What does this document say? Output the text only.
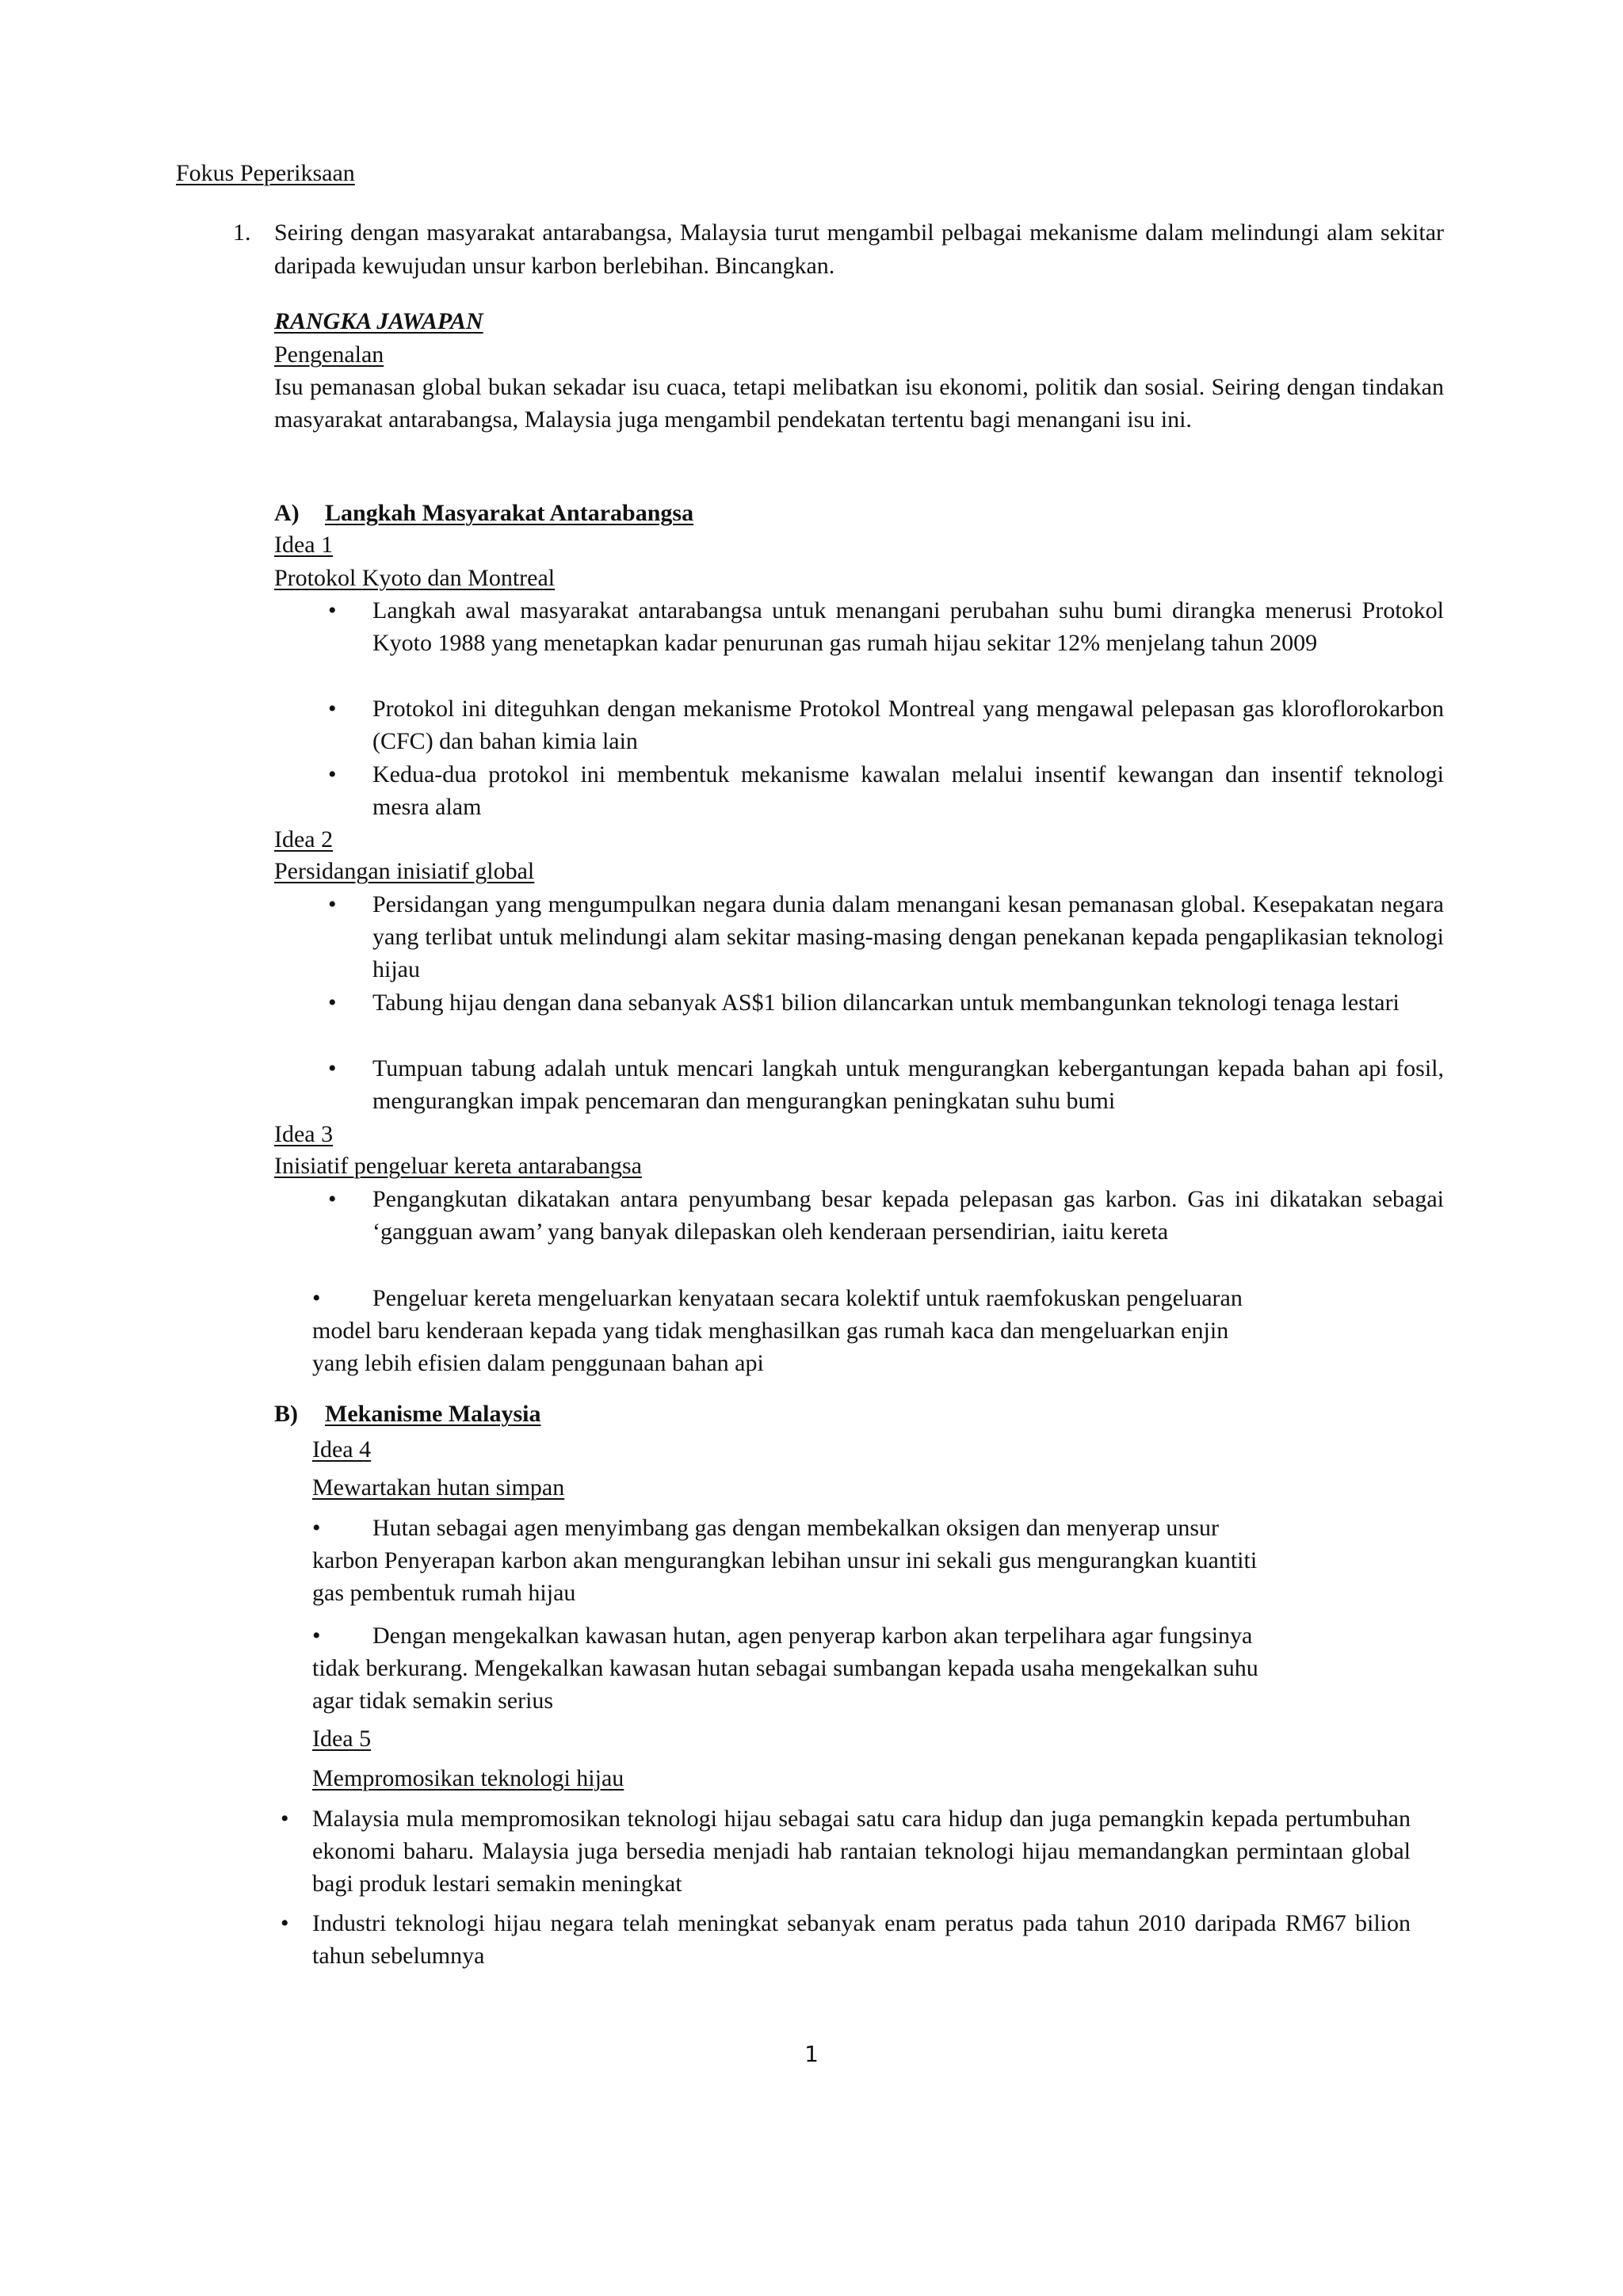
Fokus Peperiksaan
1. Seiring dengan masyarakat antarabangsa, Malaysia turut mengambil pelbagai mekanisme dalam melindungi alam sekitar daripada kewujudan unsur karbon berlebihan. Bincangkan.
RANGKA JAWAPAN
Pengenalan
Isu pemanasan global bukan sekadar isu cuaca, tetapi melibatkan isu ekonomi, politik dan sosial. Seiring dengan tindakan masyarakat antarabangsa, Malaysia juga mengambil pendekatan tertentu bagi menangani isu ini.
A) Langkah Masyarakat Antarabangsa
Idea 1
Protokol Kyoto dan Montreal
• Langkah awal masyarakat antarabangsa untuk menangani perubahan suhu bumi dirangka menerusi Protokol Kyoto 1988 yang menetapkan kadar penurunan gas rumah hijau sekitar 12% menjelang tahun 2009
• Protokol ini diteguhkan dengan mekanisme Protokol Montreal yang mengawal pelepasan gas kloroflorokarbon (CFC) dan bahan kimia lain
• Kedua-dua protokol ini membentuk mekanisme kawalan melalui insentif kewangan dan insentif teknologi mesra alam
Idea 2
Persidangan inisiatif global
• Persidangan yang mengumpulkan negara dunia dalam menangani kesan pemanasan global. Kesepakatan negara yang terlibat untuk melindungi alam sekitar masing-masing dengan penekanan kepada pengaplikasian teknologi hijau
• Tabung hijau dengan dana sebanyak AS$1 bilion dilancarkan untuk membangunkan teknologi tenaga lestari
• Tumpuan tabung adalah untuk mencari langkah untuk mengurangkan kebergantungan kepada bahan api fosil, mengurangkan impak pencemaran dan mengurangkan peningkatan suhu bumi
Idea 3
Inisiatif pengeluar kereta antarabangsa
• Pengangkutan dikatakan antara penyumbang besar kepada pelepasan gas karbon. Gas ini dikatakan sebagai ‘gangguan awam’ yang banyak dilepaskan oleh kenderaan persendirian, iaitu kereta
•	Pengeluar kereta mengeluarkan kenyataan secara kolektif untuk raemfokuskan pengeluaran
model baru kenderaan kepada yang tidak menghasilkan gas rumah kaca dan mengeluarkan enjin
yang lebih efisien dalam penggunaan bahan api
B) Mekanisme Malaysia
Idea 4
Mewartakan hutan simpan
•	Hutan sebagai agen menyimbang gas dengan membekalkan oksigen dan menyerap unsur
karbon Penyerapan karbon akan mengurangkan lebihan unsur ini sekali gus mengurangkan kuantiti
gas pembentuk rumah hijau
•	Dengan mengekalkan kawasan hutan, agen penyerap karbon akan terpelihara agar fungsinya
tidak berkurang. Mengekalkan kawasan hutan sebagai sumbangan kepada usaha mengekalkan suhu
agar tidak semakin serius
Idea 5
Mempromosikan teknologi hijau
• Malaysia mula mempromosikan teknologi hijau sebagai satu cara hidup dan juga pemangkin kepada pertumbuhan ekonomi baharu. Malaysia juga bersedia menjadi hab rantaian teknologi hijau memandangkan permintaan global bagi produk lestari semakin meningkat
• Industri teknologi hijau negara telah meningkat sebanyak enam peratus pada tahun 2010 daripada RM67 bilion tahun sebelumnya
1
